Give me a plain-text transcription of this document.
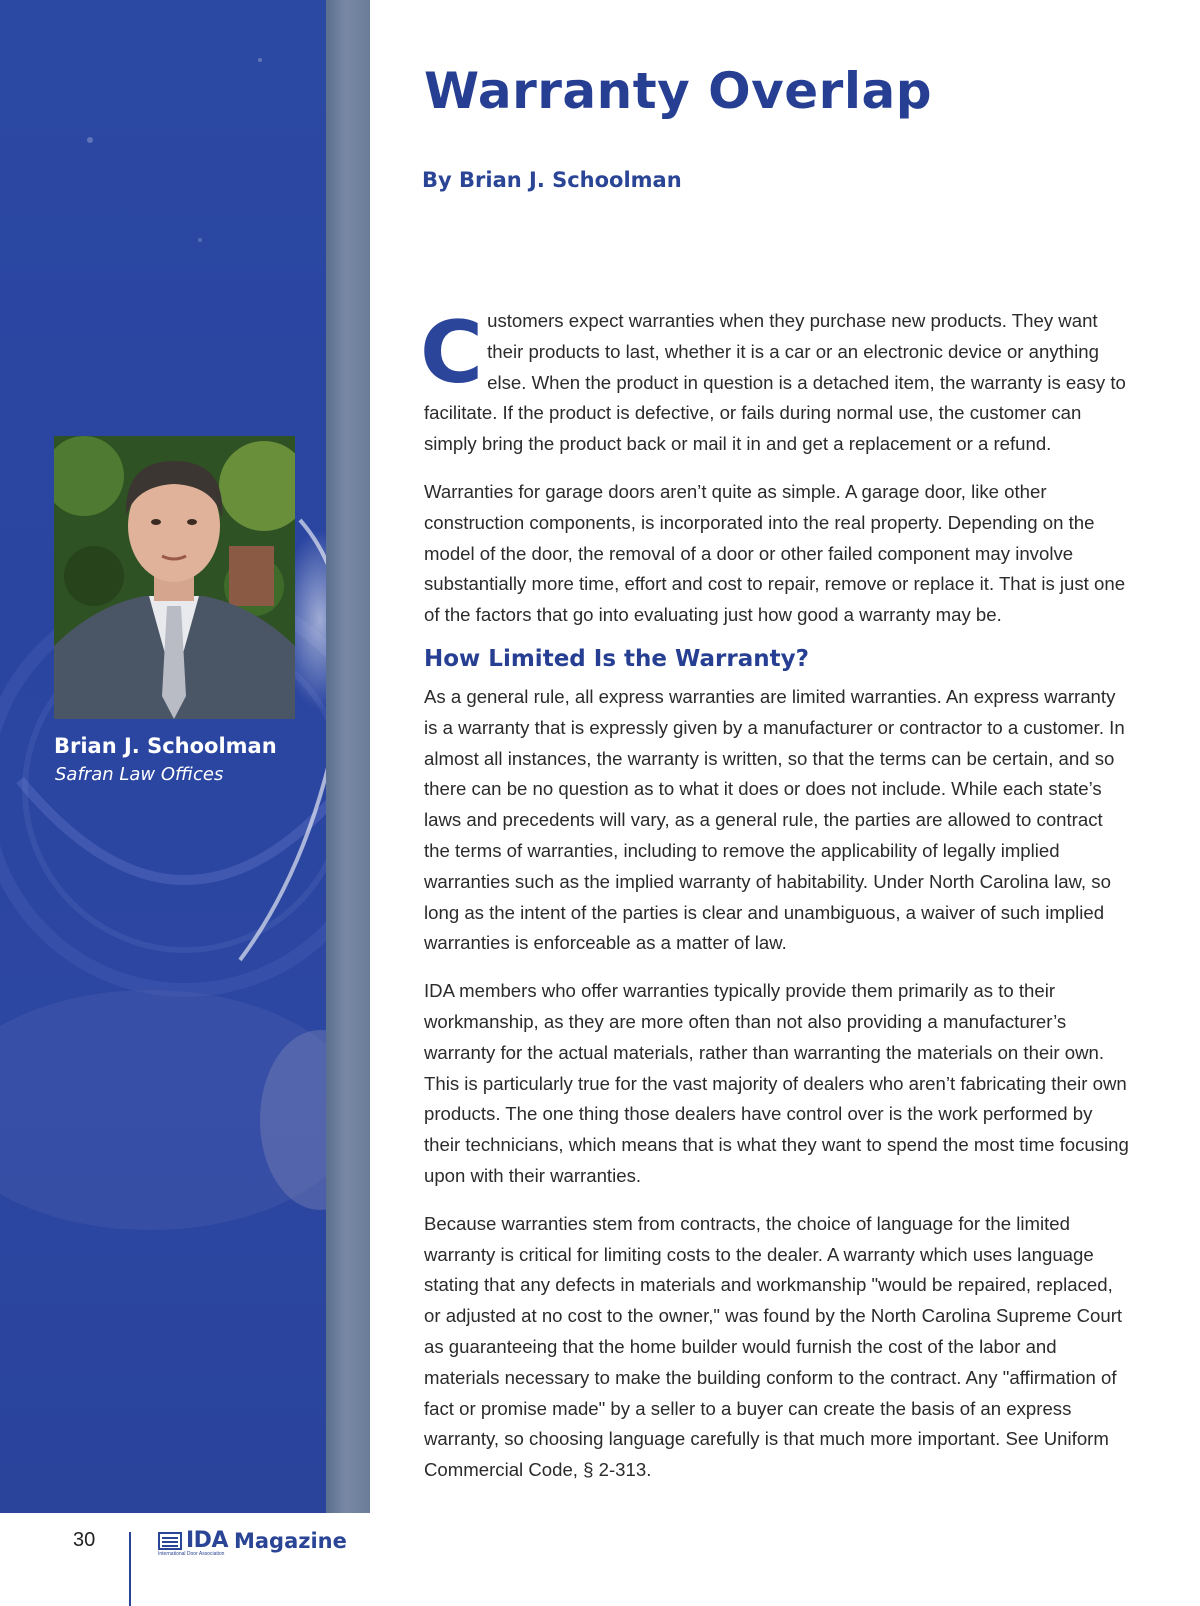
Brian J. Schoolman
Safran Law Offices
Warranty Overlap
By Brian J. Schoolman

Customers expect warranties when they purchase new products. They want their products to last, whether it is a car or an electronic device or anything else. When the product in question is a detached item, the warranty is easy to facilitate. If the product is defective, or fails during normal use, the customer can simply bring the product back or mail it in and get a replacement or a refund.

Warranties for garage doors aren’t quite as simple. A garage door, like other construction components, is incorporated into the real property. Depending on the model of the door, the removal of a door or other failed component may involve substantially more time, effort and cost to repair, remove or replace it. That is just one of the factors that go into evaluating just how good a warranty may be.

How Limited Is the Warranty?

As a general rule, all express warranties are limited warranties. An express warranty is a warranty that is expressly given by a manufacturer or contractor to a customer. In almost all instances, the warranty is written, so that the terms can be certain, and so there can be no question as to what it does or does not include. While each state’s laws and precedents will vary, as a general rule, the parties are allowed to contract the terms of warranties, including to remove the applicability of legally implied warranties such as the implied warranty of habitability. Under North Carolina law, so long as the intent of the parties is clear and unambiguous, a waiver of such implied warranties is enforceable as a matter of law.

IDA members who offer warranties typically provide them primarily as to their workmanship, as they are more often than not also providing a manufacturer’s warranty for the actual materials, rather than warranting the materials on their own. This is particularly true for the vast majority of dealers who aren’t fabricating their own products. The one thing those dealers have control over is the work performed by their technicians, which means that is what they want to spend the most time focusing upon with their warranties.

Because warranties stem from contracts, the choice of language for the limited warranty is critical for limiting costs to the dealer. A warranty which uses language stating that any defects in materials and workmanship "would be repaired, replaced, or adjusted at no cost to the owner," was found by the North Carolina Supreme Court as guaranteeing that the home builder would furnish the cost of the labor and materials necessary to make the building conform to the contract. Any "affirmation of fact or promise made" by a seller to a buyer can create the basis of an express warranty, so choosing language carefully is that much more important. See Uniform Commercial Code, § 2-313.

30	IDA Magazine
International Door Association
